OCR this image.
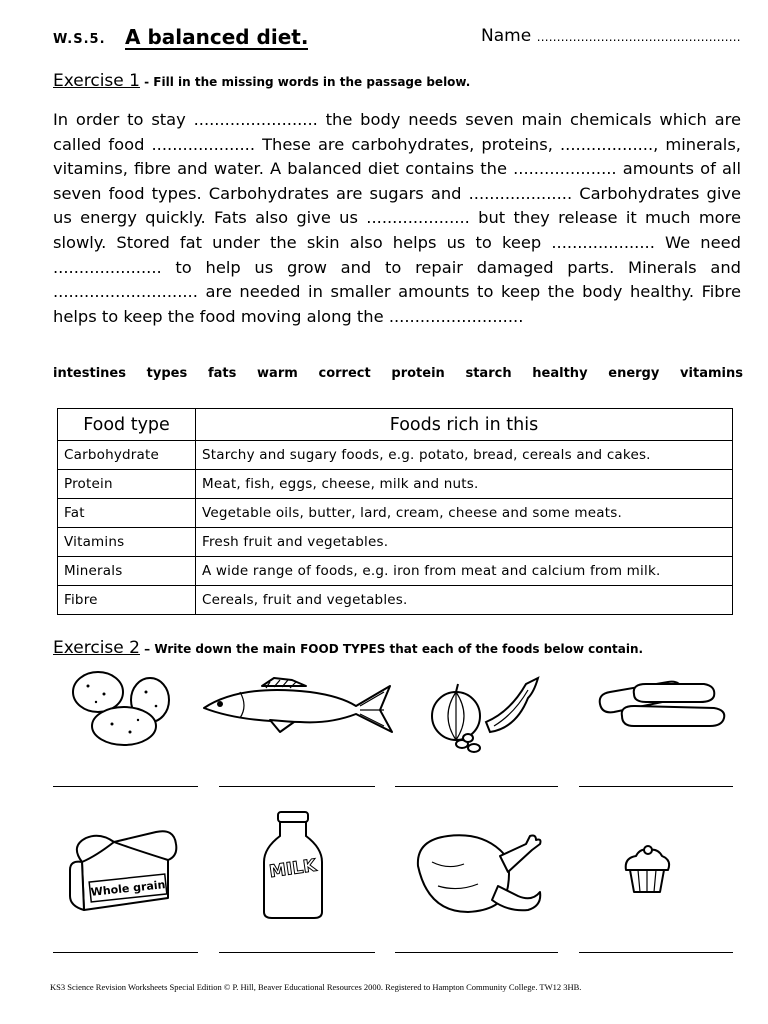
W.S.5. A balanced diet.	Name ……………………………………………
Exercise 1 - Fill in the missing words in the passage below.

In order to stay ........................ the body needs seven main chemicals which are called food .................... These are carbohydrates, proteins, .................., minerals, vitamins, fibre and water. A balanced diet contains the .................... amounts of all seven food types. Carbohydrates are sugars and .................... Carbohydrates give us energy quickly. Fats also give us .................... but they release it much more slowly. Stored fat under the skin also helps us to keep .................... We need ..................... to help us grow and to repair damaged parts. Minerals and ............................ are needed in smaller amounts to keep the body healthy. Fibre helps to keep the food moving along the ..........................

intestines types fats warm correct protein starch healthy energy vitamins
Food type	Foods rich in this
Carbohydrate	Starchy and sugary foods, e.g. potato, bread, cereals and cakes.
Protein	Meat, fish, eggs, cheese, milk and nuts.
Fat	Vegetable oils, butter, lard, cream, cheese and some meats.
Vitamins	Fresh fruit and vegetables.
Minerals	A wide range of foods, e.g. iron from meat and calcium from milk.
Fibre	Cereals, fruit and vegetables.
Exercise 2 – Write down the main FOOD TYPES that each of the foods below contain.
Whole grain
MILK
KS3 Science Revision Worksheets Special Edition © P. Hill, Beaver Educational Resources 2000. Registered to Hampton Community College. TW12 3HB.
